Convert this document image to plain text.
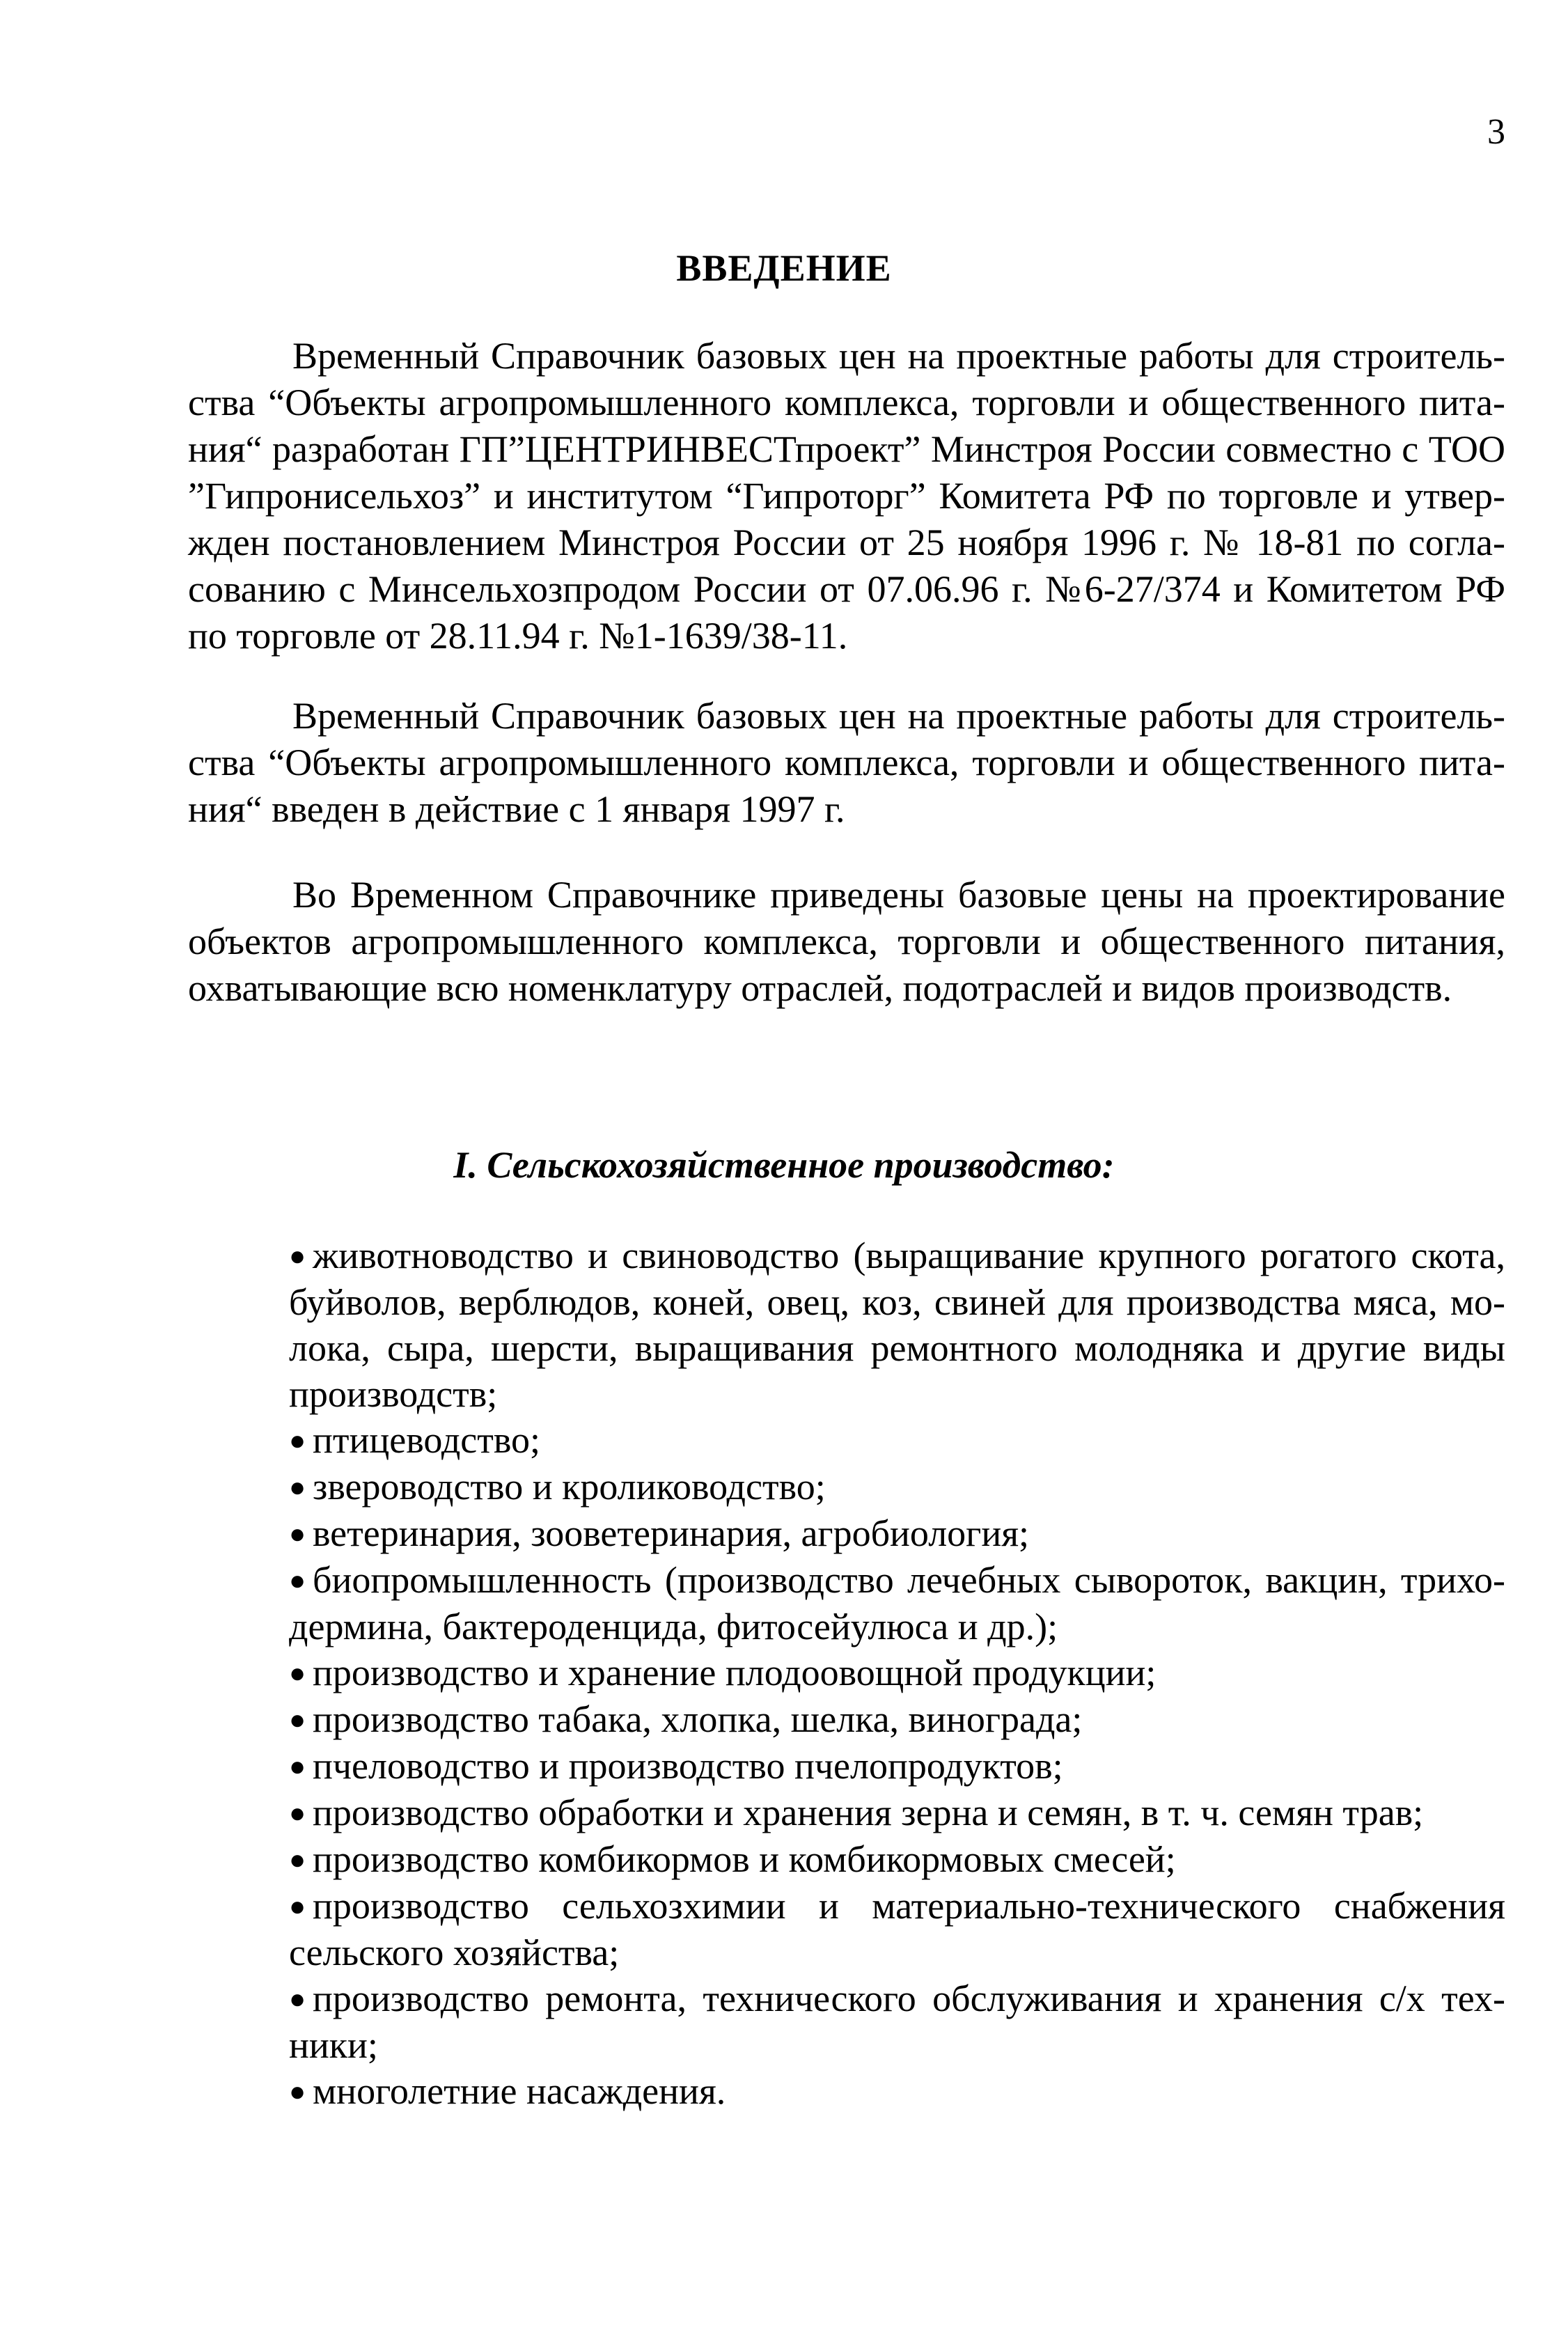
3
ВВЕДЕНИЕ

Временный Справочник базовых цен на проектные работы для строитель-ства “Объекты агропромышленного комплекса, торговли и общественного пита-ния“ разработан ГП”ЦЕНТРИНВЕСТпроект” Минстроя России совместно с ТОО ”Гипронисельхоз” и институтом “Гипроторг” Комитета РФ по торговле и утвер-жден постановлением Минстроя России от 25 ноября 1996 г. № 18-81 по согла-сованию с Минсельхозпродом России от 07.06.96 г. №6-27/374 и Комитетом РФ по торговле от 28.11.94 г. №1-1639/38-11.

Временный Справочник базовых цен на проектные работы для строитель-ства “Объекты агропромышленного комплекса, торговли и общественного пита-ния“ введен в действие с 1 января 1997 г.

Во Временном Справочнике приведены базовые цены на проектирование объектов агропромышленного комплекса, торговли и общественного питания, охватывающие всю номенклатуру отраслей, подотраслей и видов производств.

I. Сельскохозяйственное производство:
● животноводство и свиноводство (выращивание крупного рогатого скота, буйволов, верблюдов, коней, овец, коз, свиней для производства мяса, мо-лока, сыра, шерсти, выращивания ремонтного молодняка и другие виды производств;
● птицеводство;
● звероводство и кролиководство;
● ветеринария, зооветеринария, агробиология;
● биопромышленность (производство лечебных сывороток, вакцин, трихо-дермина, бактероденцида, фитосейулюса и др.);
● производство и хранение плодоовощной продукции;
● производство табака, хлопка, шелка, винограда;
● пчеловодство и производство пчелопродуктов;
● производство обработки и хранения зерна и семян, в т. ч. семян трав;
● производство комбикормов и комбикормовых смесей;
● производство сельхозхимии и материально-технического снабжения сельского хозяйства;
● производство ремонта, технического обслуживания и хранения с/х тех-ники;
● многолетние насаждения.
